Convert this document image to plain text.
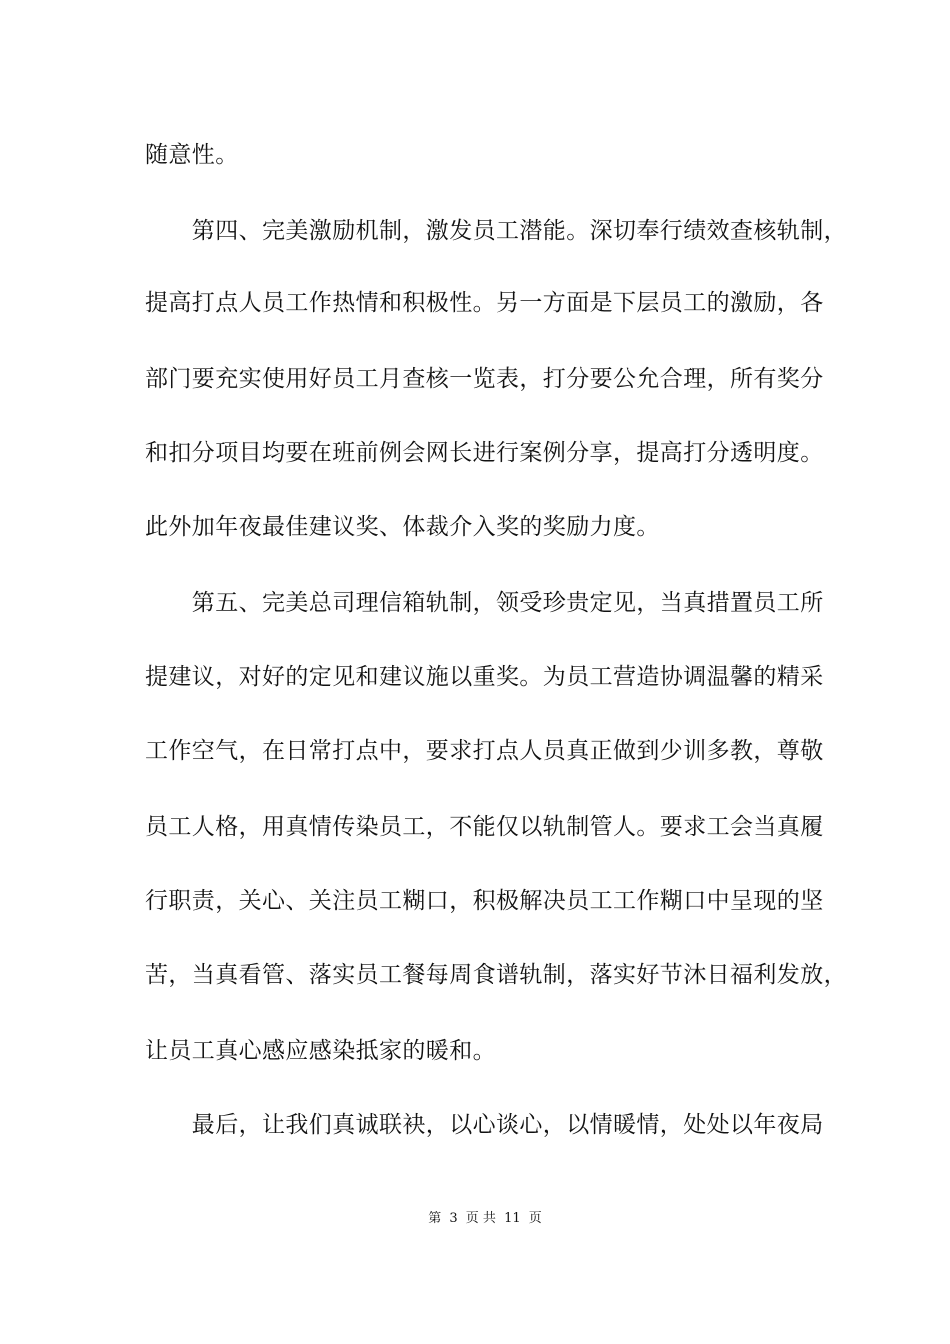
随意性。
　　第四、完美激励机制，激发员工潜能。深切奉行绩效查核轨制，
提高打点人员工作热情和积极性。另一方面是下层员工的激励，各
部门要充实使用好员工月查核一览表，打分要公允合理，所有奖分
和扣分项目均要在班前例会网长进行案例分享，提高打分透明度。
此外加年夜最佳建议奖、体裁介入奖的奖励力度。
　　第五、完美总司理信箱轨制，领受珍贵定见，当真措置员工所
提建议，对好的定见和建议施以重奖。为员工营造协调温馨的精采
工作空气，在日常打点中，要求打点人员真正做到少训多教，尊敬
员工人格，用真情传染员工，不能仅以轨制管人。要求工会当真履
行职责，关心、关注员工糊口，积极解决员工工作糊口中呈现的坚
苦，当真看管、落实员工餐每周食谱轨制，落实好节沐日福利发放，
让员工真心感应感染抵家的暖和。
　　最后，让我们真诚联袂，以心谈心，以情暖情，处处以年夜局
第 3 页 共 11 页
